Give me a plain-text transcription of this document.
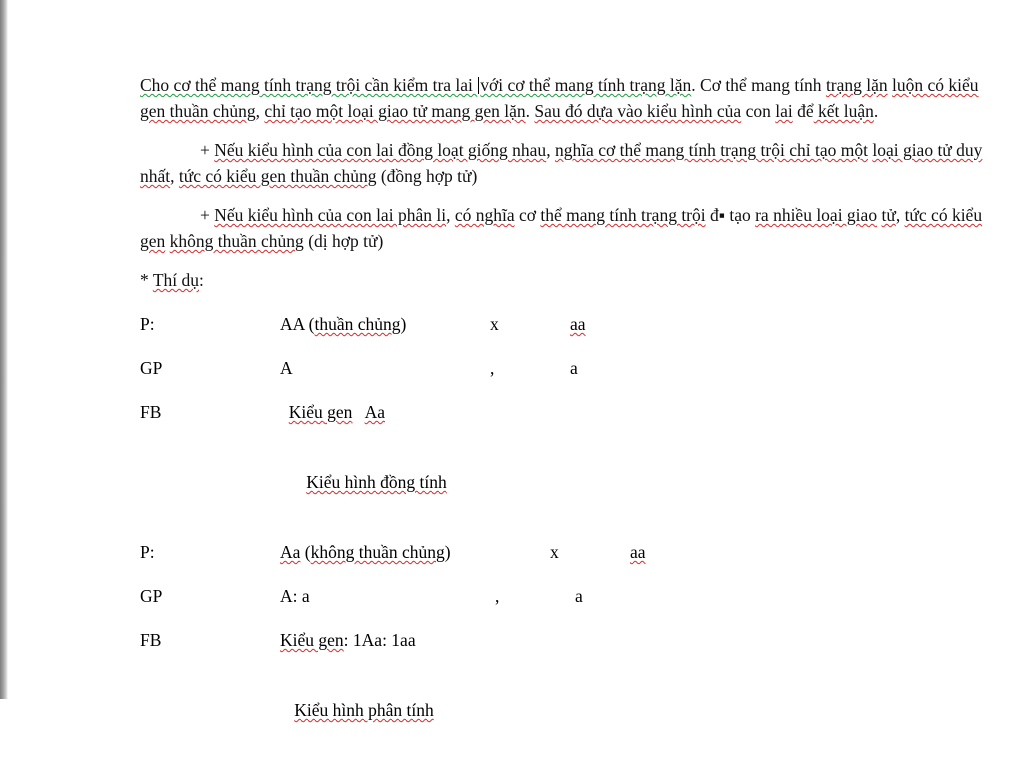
Cho cơ thể mang tính trạng trội cần kiểm tra lai với cơ thể mang tính trạng lặn. Cơ thể mang tính trạng lặn luộn có kiểu gen thuần chủng, chỉ tạo một loại giao tử mang gen lặn. Sau đó dựa vào kiểu hình của con lai để kết luận.

+ Nếu kiểu hình của con lai đồng loạt giống nhau, nghĩa cơ thể mang tính trạng trội chỉ tạo một loại giao tử duy nhất, tức có kiểu gen thuần chủng (đồng hợp tử)

+ Nếu kiểu hình của con lai phân li, có nghĩa cơ thể mang tính trạng trội đ▪ tạo ra nhiều loại giao tử, tức có kiểu gen không thuần chủng (dị hợp tử)

* Thí dụ:

P:	AA (thuần chủng)	x	aa
GP	A	,	a
FB	Kiểu gen Aa

Kiểu hình đồng tính

P:	Aa (không thuần chủng)	x	aa
GP	A: a	,	a
FB	Kiểu gen: 1Aa: 1aa

Kiểu hình phân tính
